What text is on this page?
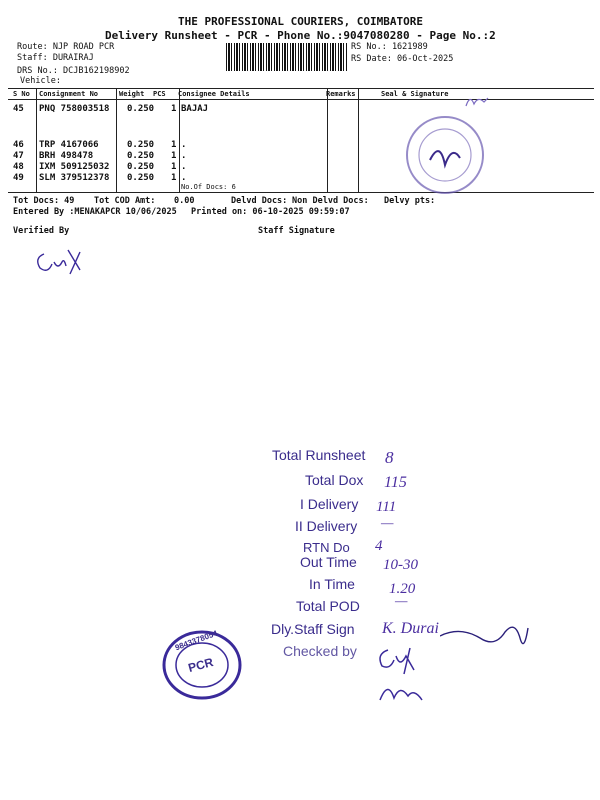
THE PROFESSIONAL COURIERS, COIMBATORE
Delivery Runsheet - PCR - Phone No.:9047080280 - Page No.:2
Route: NJP ROAD PCR
Staff: DURAIRAJ
DRS No.: DCJB162198902
Vehicle:
RS No.: 1621989
RS Date: 06-Oct-2025
S No Consignment No	Weight PCS Consignee Details	Remarks	Seal & Signature
45 PNQ 758003518 0.250 1 BAJAJ
46 TRP 4167066	0.250 1 .
47 BRH 498478	0.250 1 .
48 IXM 509125032 0.250 1 .
49 SLM 379512378 0.250 1 .
No.Of Docs: 6
Tot Docs: 49 Tot COD Amt: 0.00	Delvd Docs: Non Delvd Docs: Delvy pts:
Entered By :MENAKAPCR 10/06/2025 Printed on: 06-10-2025 09:59:07
Verified By	Staff Signature
Total Runsheet 8
Total Dox 115
I Delivery 111
II Delivery —
RTN Do 4
Out Time 10-30
In Time 1.20
Total POD	—
Dly.Staff Sign K. Durai
Checked by
9843378054
PCR
